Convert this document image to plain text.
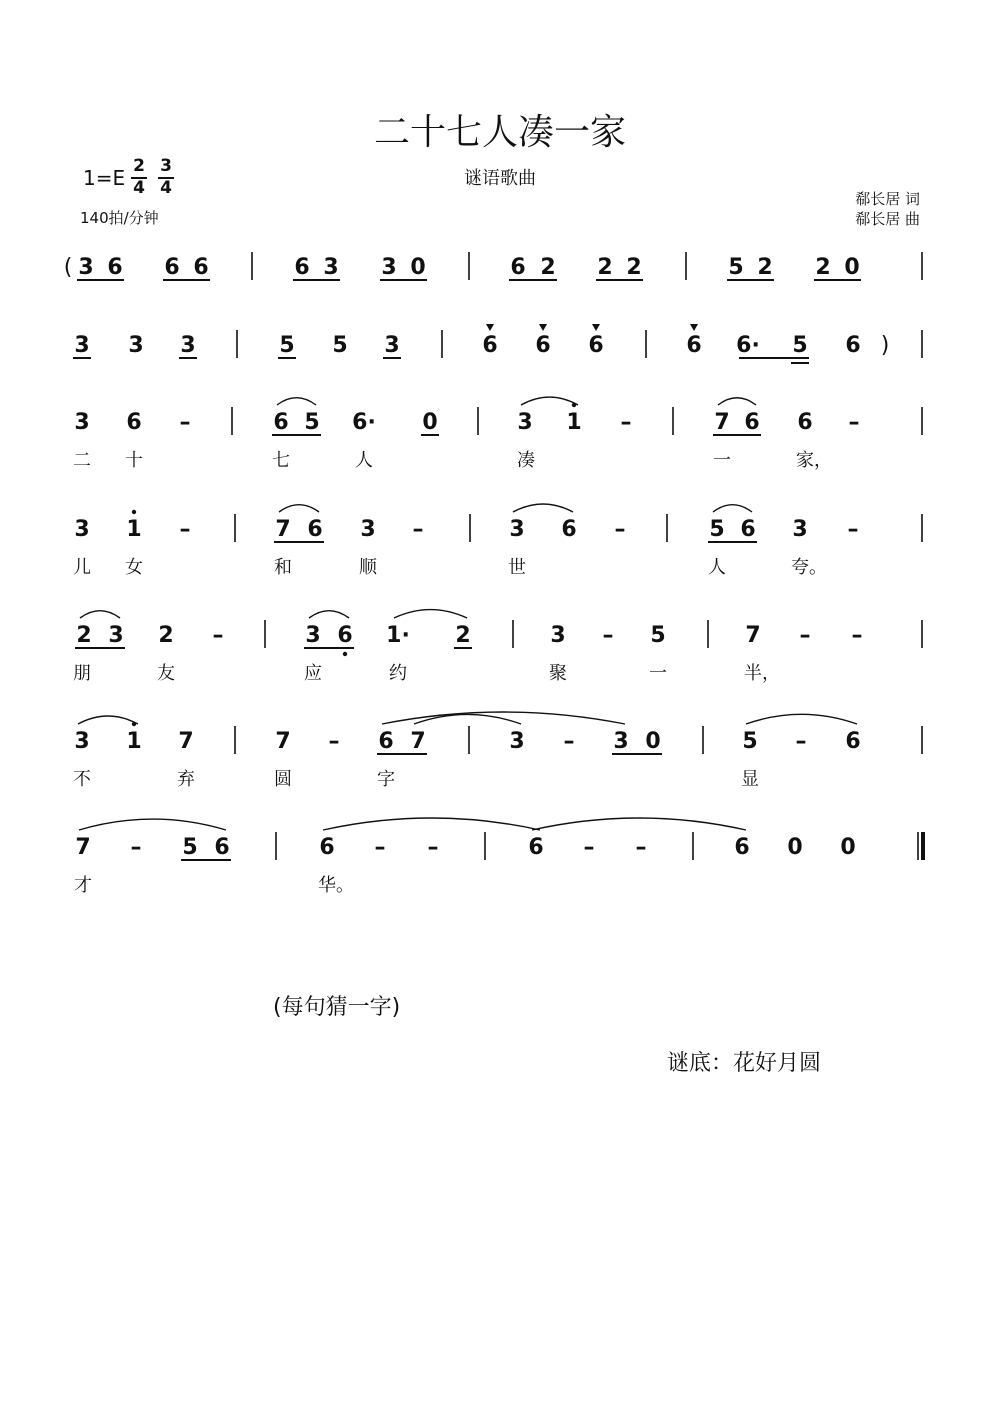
二十七人凑一家
谜语歌曲
1=E 2
4
3
4
140拍/分钟
郗长居 词
郗长居 曲
( 3 6 6 6	6 3 3 0	6 2 2 2	5 2 2 0
3 3 3	5 5 3	6 6 6	6 6· 5 6 )
3 6 –	6 5 6· 0	3 1 –	7 6 6 –
二 十	七	人	凑	一	家，
3 1 –	7 6 3 –	3 6 –	5 6 3 –
儿 女	和	顺	世	人	夸。
2 3 2 –	3 6 1· 2	3 – 5	7 – –
朋	友	应	约	聚	一	半，
3 1 7	7 – 6 7	3 – 3 0	5 – 6
不	弃	圆	字	显
7 – 5 6	6 – –	6 – –	6 0 0
才	华。
(每句猜一字)
谜底：花好月圆
